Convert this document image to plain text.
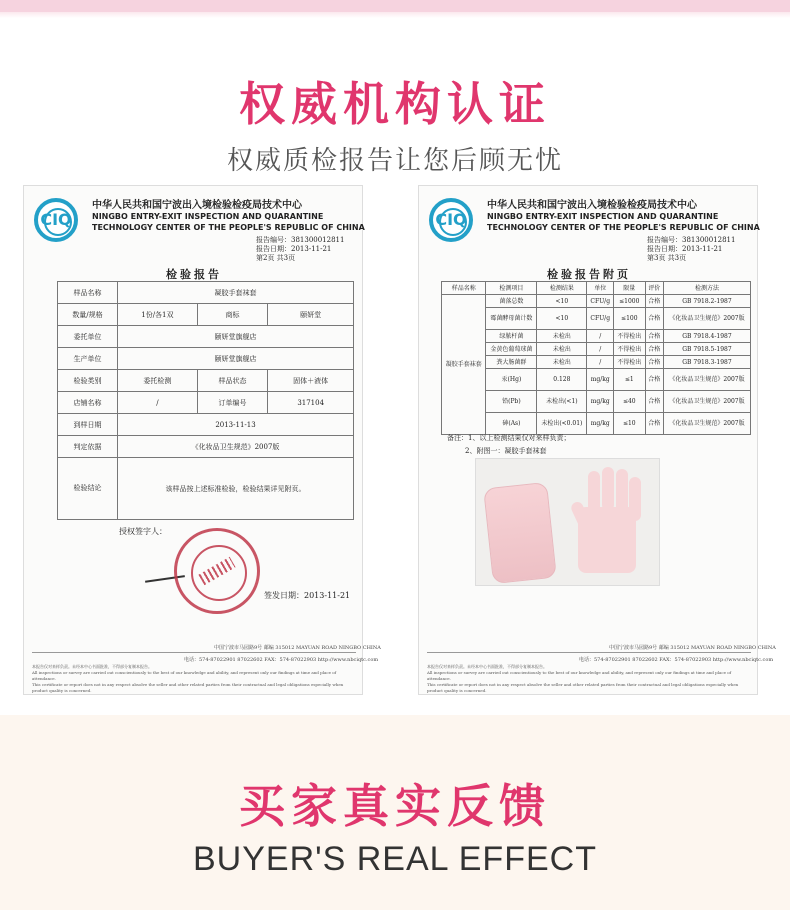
权威机构认证
权威质检报告让您后顾无忧
CIQ
中华人民共和国宁波出入境检验检疫局技术中心
NINGBO ENTRY-EXIT INSPECTION AND QUARANTINE
TECHNOLOGY CENTER OF THE PEOPLE'S REPUBLIC OF CHINA
报告编号：381300012811
报告日期：2013-11-21
第2页 共3页
检验报告
样品名称	凝胶手套袜套		
数量/规格	1份/各1双	商标	颐妍堂
委托单位	颐妍堂旗舰店		
生产单位	颐妍堂旗舰店		
检验类别	委托检测	样品状态	固体＋液体
店铺名称	/	订单编号	317104
到样日期	2013-11-13		
判定依据	《化妆品卫生规范》2007版		
检验结论	该样品按上述标准检验，检验结果详见附页。		
授权签字人：
签发日期：2013-11-21
中国宁波市马园路9号 邮编 315012 MAYUAN ROAD NINGBO CHINA
电话：574-87022901 87022602 FAX：574-87022903 http://www.nbciqtc.com
本报告仅对来样负责。未经本中心书面批准，不得部分复制本报告。
All inspections or survey are carried out conscientiously to the best of our knowledge and ability, and represent only our findings at time and place of attendance.
This certificate or report does not in any respect absolve the seller and other related parties from their contractual and legal obligations especially when product quality is concerned.
CIQ
中华人民共和国宁波出入境检验检疫局技术中心
NINGBO ENTRY-EXIT INSPECTION AND QUARANTINE
TECHNOLOGY CENTER OF THE PEOPLE'S REPUBLIC OF CHINA
报告编号：381300012811
报告日期：2013-11-21
第3页 共3页
检验报告附页
样品名称	检测项目	检测结果	单位	限量	评价	检测方法
凝胶手套袜套	菌落总数	<10	CFU/g	≤1000	合格	GB 7918.2-1987
	霉菌酵母菌计数	<10	CFU/g	≤100	合格	《化妆品卫生规范》2007版
	绿脓杆菌	未检出	/	不得检出	合格	GB 7918.4-1987
	金黄色葡萄球菌	未检出	/	不得检出	合格	GB 7918.5-1987
	粪大肠菌群	未检出	/	不得检出	合格	GB 7918.3-1987
	汞(Hg)	0.128	mg/kg	≤1	合格	《化妆品卫生规范》2007版
	铅(Pb)	未检出(<1)	mg/kg	≤40	合格	《化妆品卫生规范》2007版
	砷(As)	未检出(<0.01)	mg/kg	≤10	合格	《化妆品卫生规范》2007版
备注：1、以上检测结果仅对来样负责；
2、附图一：凝胶手套袜套
中国宁波市马园路9号 邮编 315012 MAYUAN ROAD NINGBO CHINA
电话：574-87022901 87022602 FAX：574-87022903 http://www.nbciqtc.com
本报告仅对来样负责。未经本中心书面批准，不得部分复制本报告。
All inspections or survey are carried out conscientiously to the best of our knowledge and ability, and represent only our findings at time and place of attendance.
This certificate or report does not in any respect absolve the seller and other related parties from their contractual and legal obligations especially when product quality is concerned.
买家真实反馈
BUYER'S REAL EFFECT
